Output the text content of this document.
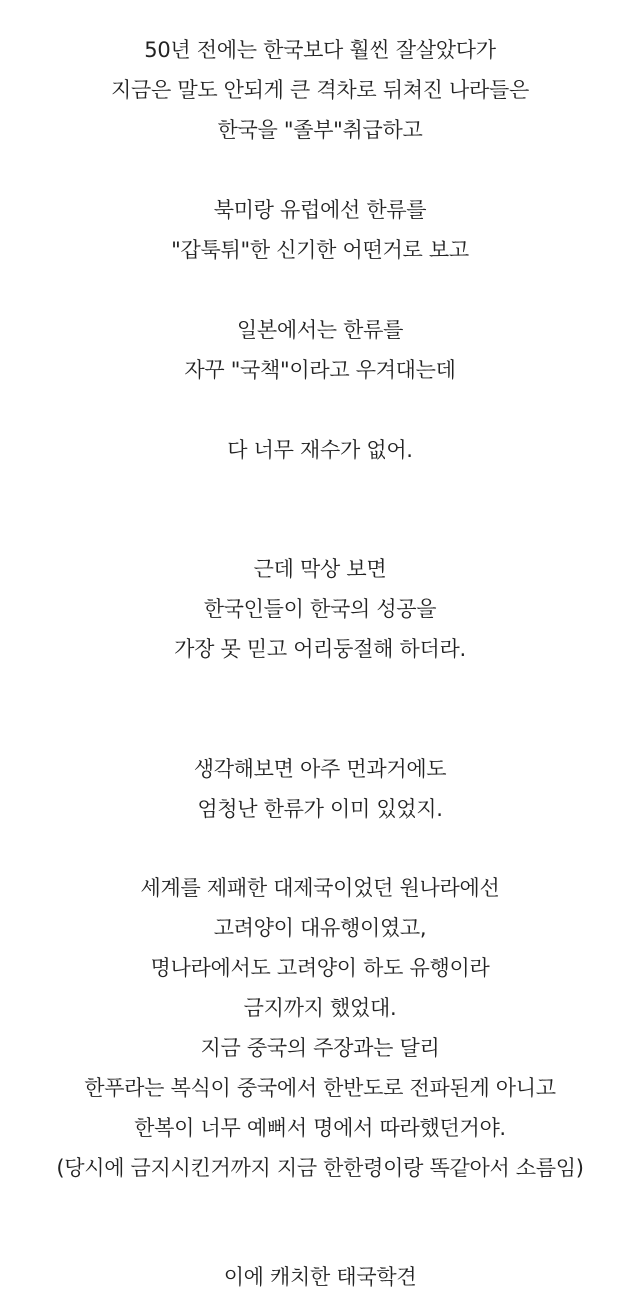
50년 전에는 한국보다 훨씬 잘살았다가
지금은 말도 안되게 큰 격차로 뒤쳐진 나라들은
한국을 "졸부"취급하고
북미랑 유럽에선 한류를
"갑툭튀"한 신기한 어떤거로 보고
일본에서는 한류를
자꾸 "국책"이라고 우겨대는데
다 너무 재수가 없어.
근데 막상 보면
한국인들이 한국의 성공을
가장 못 믿고 어리둥절해 하더라.
생각해보면 아주 먼과거에도
엄청난 한류가 이미 있었지.
세계를 제패한 대제국이었던 원나라에선
고려양이 대유행이였고,
명나라에서도 고려양이 하도 유행이라
금지까지 했었대.
지금 중국의 주장과는 달리
한푸라는 복식이 중국에서 한반도로 전파된게 아니고
한복이 너무 예뻐서 명에서 따라했던거야.
(당시에 금지시킨거까지 지금 한한령이랑 똑같아서 소름임)
이에 캐치한 태국학견
